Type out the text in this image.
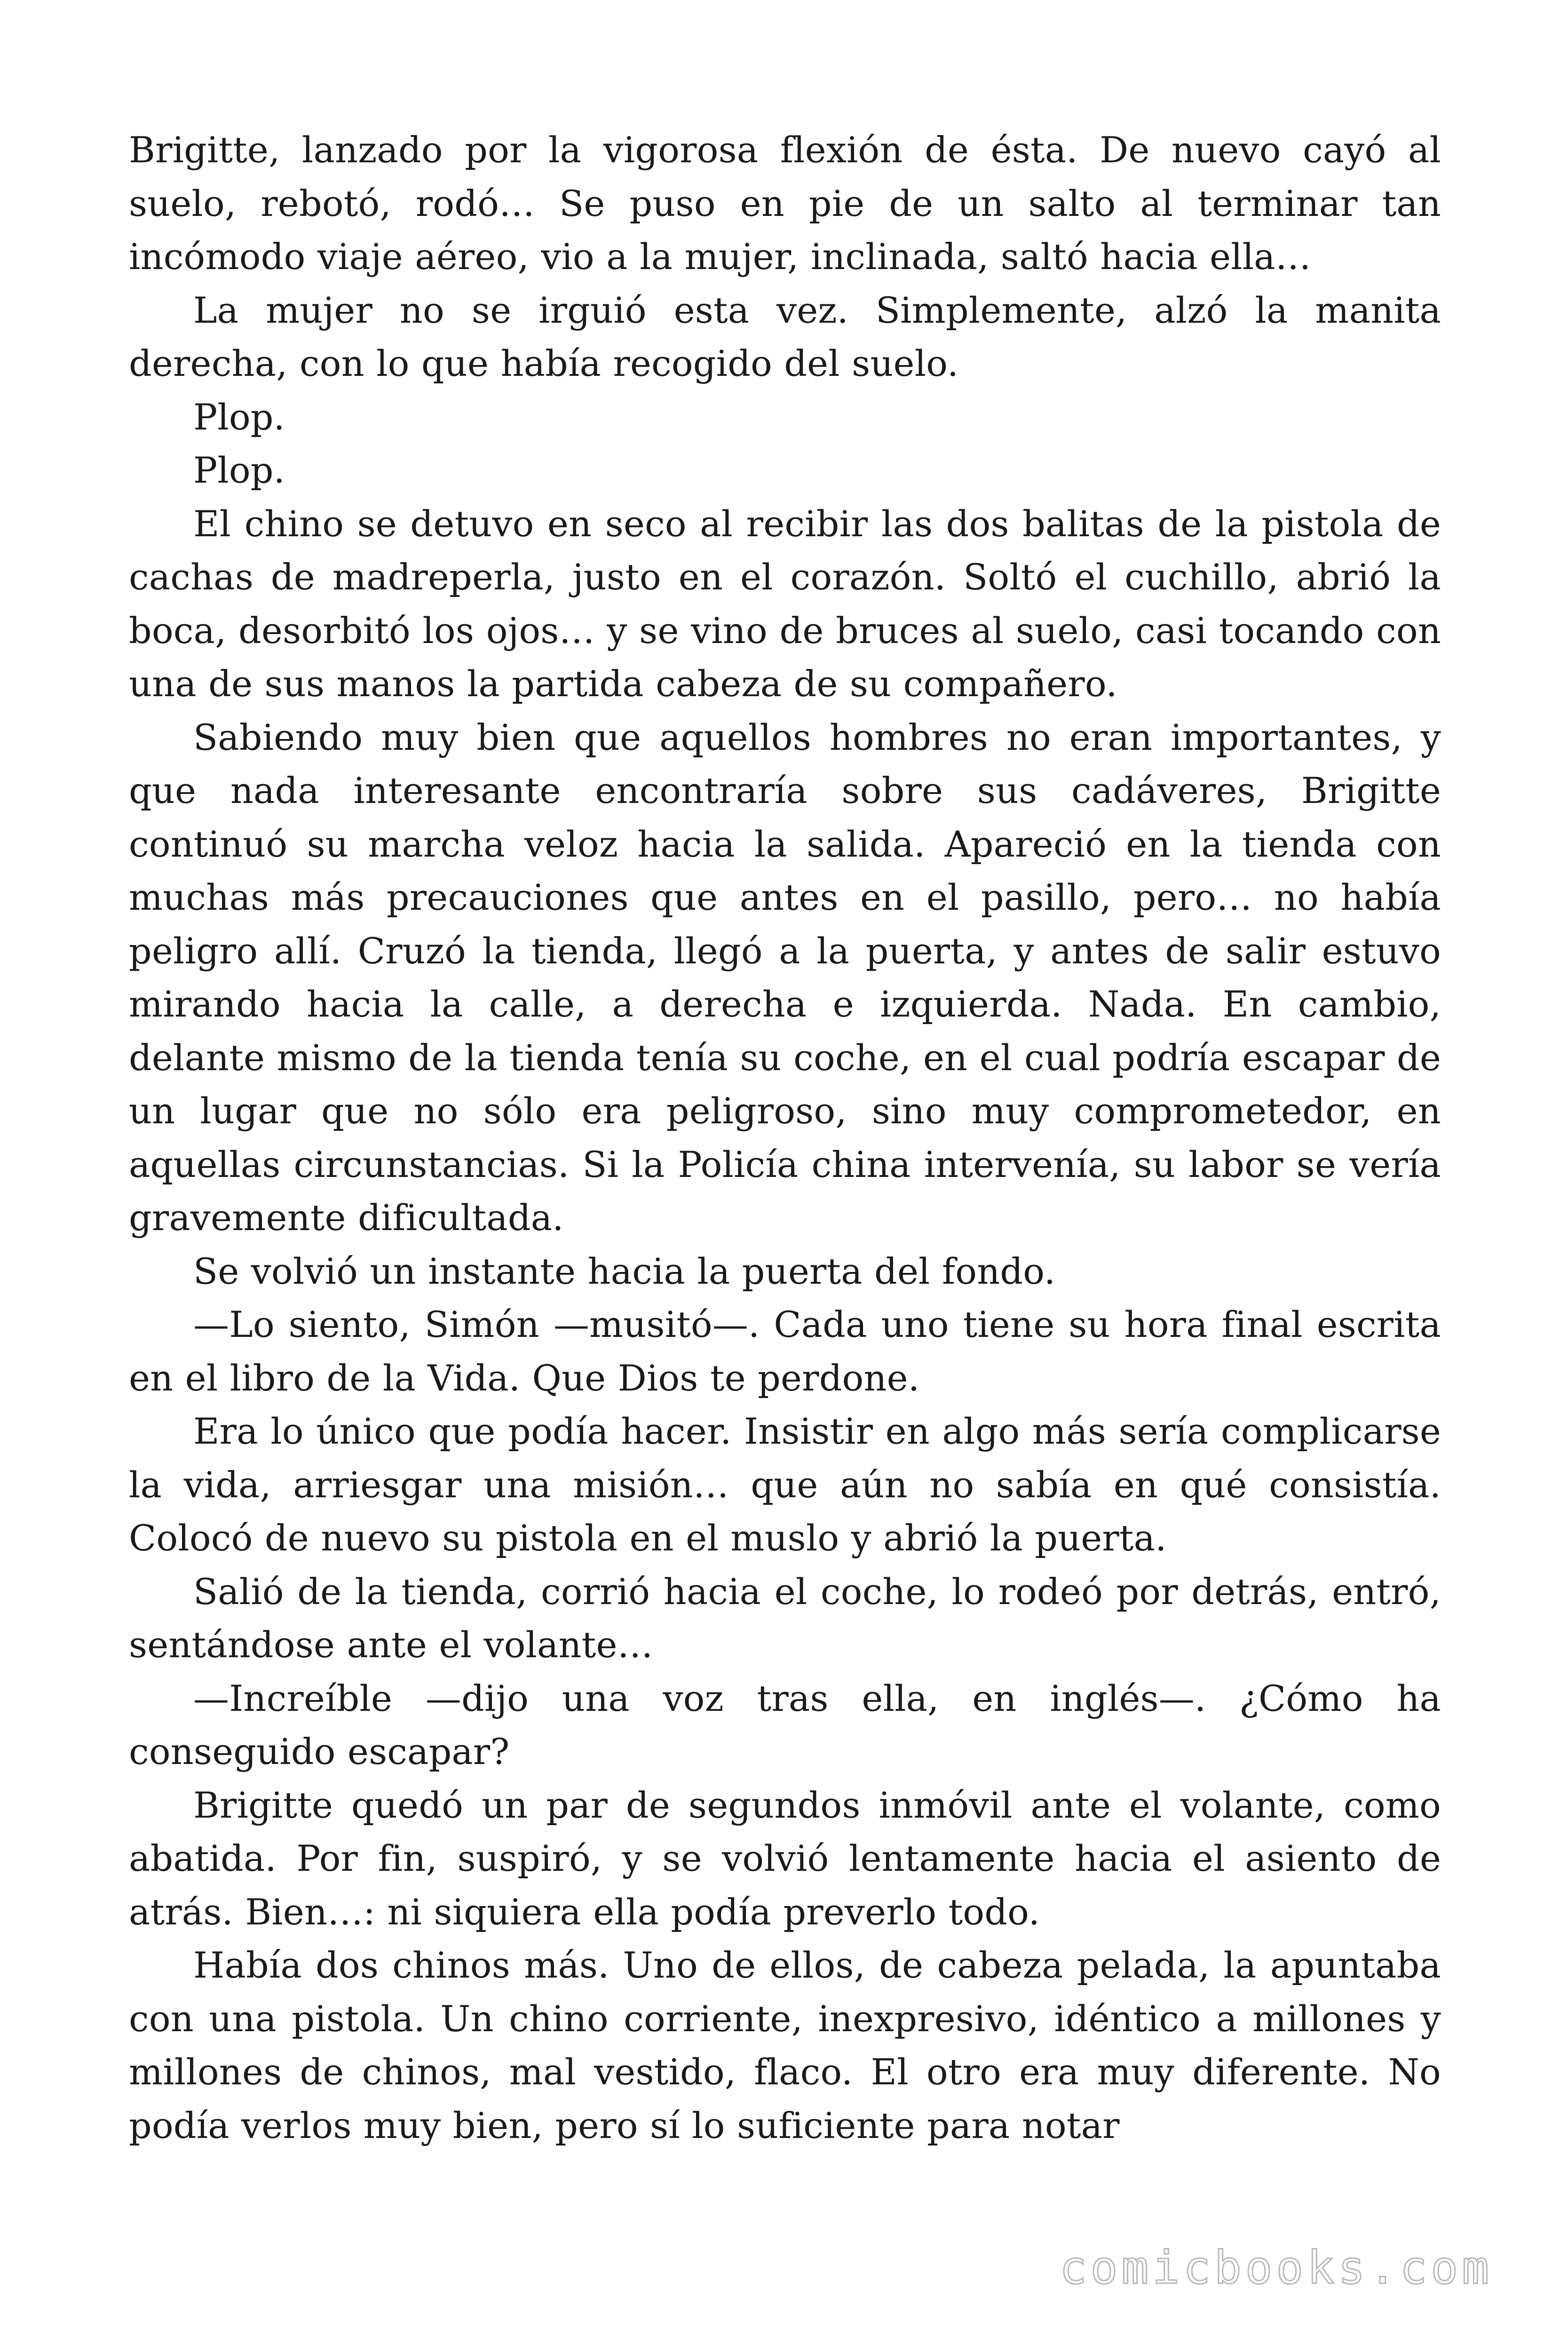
Brigitte, lanzado por la vigorosa flexión de ésta. De nuevo cayó al suelo, rebotó, rodó… Se puso en pie de un salto al terminar tan incómodo viaje aéreo, vio a la mujer, inclinada, saltó hacia ella…

La mujer no se irguió esta vez. Simplemente, alzó la manita derecha, con lo que había recogido del suelo.

Plop.

Plop.

El chino se detuvo en seco al recibir las dos balitas de la pistola de cachas de madreperla, justo en el corazón. Soltó el cuchillo, abrió la boca, desorbitó los ojos… y se vino de bruces al suelo, casi tocando con una de sus manos la partida cabeza de su compañero.

Sabiendo muy bien que aquellos hombres no eran importantes, y que nada interesante encontraría sobre sus cadáveres, Brigitte continuó su marcha veloz hacia la salida. Apareció en la tienda con muchas más precauciones que antes en el pasillo, pero… no había peligro allí. Cruzó la tienda, llegó a la puerta, y antes de salir estuvo mirando hacia la calle, a derecha e izquierda. Nada. En cambio, delante mismo de la tienda tenía su coche, en el cual podría escapar de un lugar que no sólo era peligroso, sino muy comprometedor, en aquellas circunstancias. Si la Policía china intervenía, su labor se vería gravemente dificultada.

Se volvió un instante hacia la puerta del fondo.

—Lo siento, Simón —musitó—. Cada uno tiene su hora final escrita en el libro de la Vida. Que Dios te perdone.

Era lo único que podía hacer. Insistir en algo más sería complicarse la vida, arriesgar una misión… que aún no sabía en qué consistía. Colocó de nuevo su pistola en el muslo y abrió la puerta.

Salió de la tienda, corrió hacia el coche, lo rodeó por detrás, entró, sentándose ante el volante…

—Increíble —dijo una voz tras ella, en inglés—. ¿Cómo ha conseguido escapar?

Brigitte quedó un par de segundos inmóvil ante el volante, como abatida. Por fin, suspiró, y se volvió lentamente hacia el asiento de atrás. Bien…: ni siquiera ella podía preverlo todo.

Había dos chinos más. Uno de ellos, de cabeza pelada, la apuntaba con una pistola. Un chino corriente, inexpresivo, idéntico a millones y millones de chinos, mal vestido, flaco. El otro era muy diferente. No podía verlos muy bien, pero sí lo suficiente para notar

comicbooks.com
